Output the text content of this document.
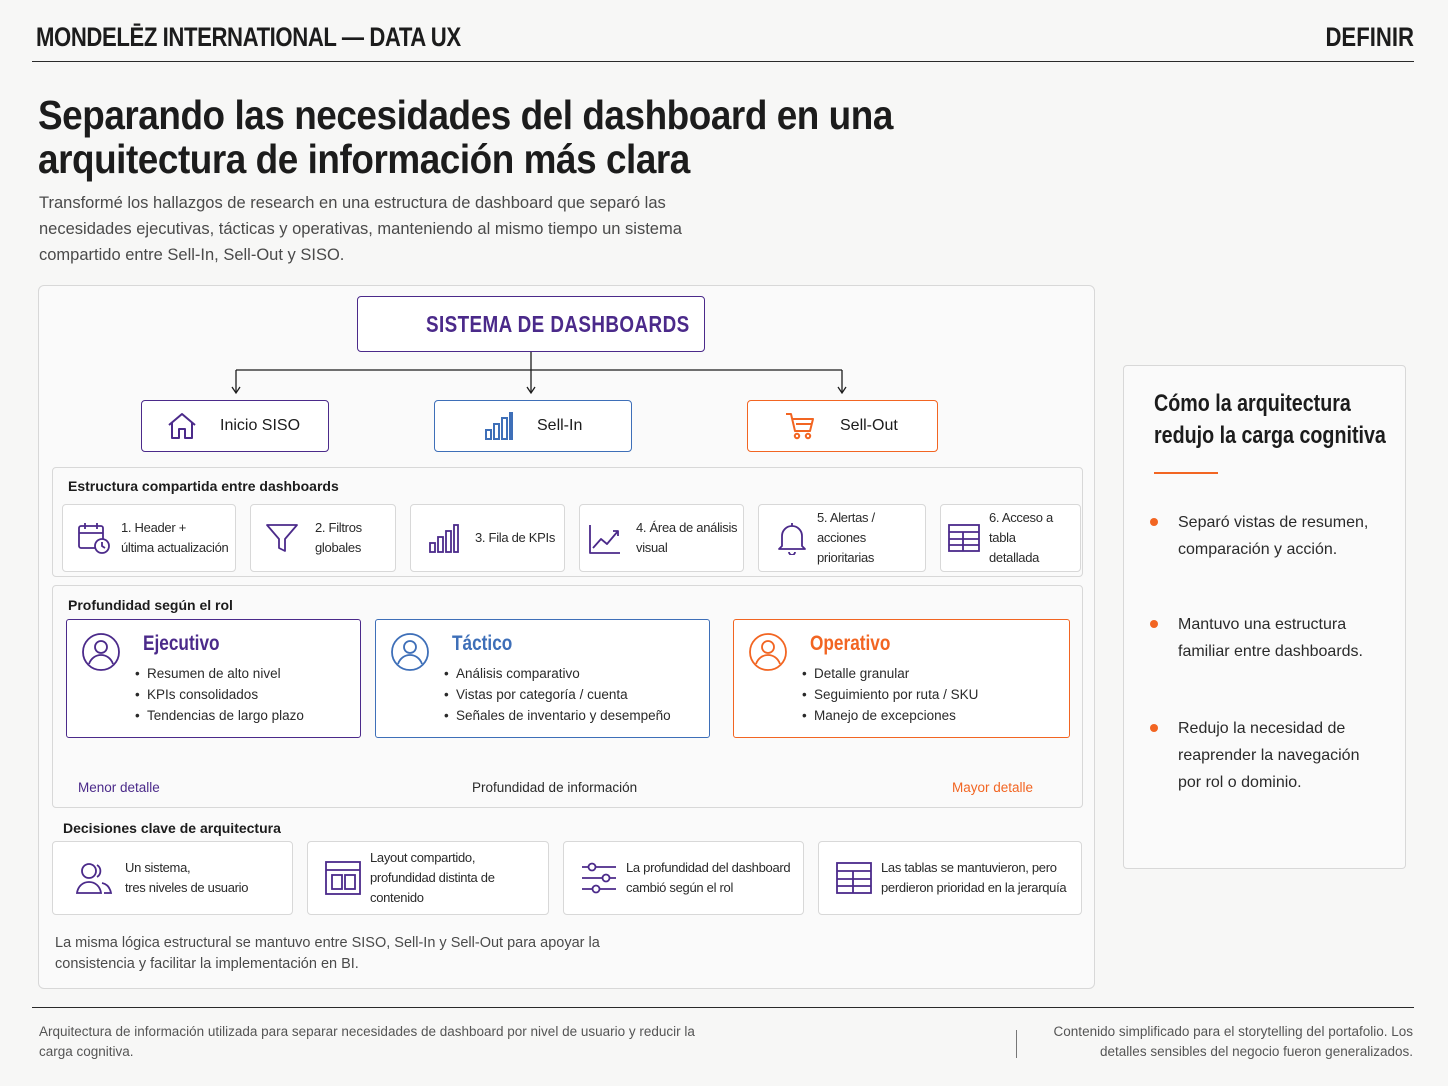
MONDELĒZ INTERNATIONAL — DATA UX	DEFINIR
Separando las necesidades del dashboard en una arquitectura de información más clara

Transformé los hallazgos de research en una estructura de dashboard que separó las necesidades ejecutivas, tácticas y operativas, manteniendo al mismo tiempo un sistema compartido entre Sell-In, Sell-Out y SISO.

SISTEMA DE DASHBOARDS
Inicio SISO	Sell-In	Sell-Out
Estructura compartida entre dashboards
1. Header +
última actualización
2. Filtros
globales
3. Fila de KPIs
4. Área de análisis
visual
5. Alertas /
acciones prioritarias
6. Acceso a tabla
detallada
Profundidad según el rol
Ejecutivo
• Resumen de alto nivel
• KPIs consolidados
• Tendencias de largo plazo
Táctico
• Análisis comparativo
• Vistas por categoría / cuenta
• Señales de inventario y desempeño
Operativo
• Detalle granular
• Seguimiento por ruta / SKU
• Manejo de excepciones
Menor detalle	Profundidad de información	Mayor detalle
Decisiones clave de arquitectura
Un sistema,
tres niveles de usuario
Layout compartido,
profundidad distinta de contenido
La profundidad del dashboard
cambió según el rol
Las tablas se mantuvieron, pero
perdieron prioridad en la jerarquía

La misma lógica estructural se mantuvo entre SISO, Sell-In y Sell-Out para apoyar la consistencia y facilitar la implementación en BI.

Cómo la arquitectura redujo la carga cognitiva
Separó vistas de resumen, comparación y acción.
Mantuvo una estructura familiar entre dashboards.
Redujo la necesidad de reaprender la navegación por rol o dominio.

Arquitectura de información utilizada para separar necesidades de dashboard por nivel de usuario y reducir la carga cognitiva.

Contenido simplificado para el storytelling del portafolio. Los detalles sensibles del negocio fueron generalizados.
